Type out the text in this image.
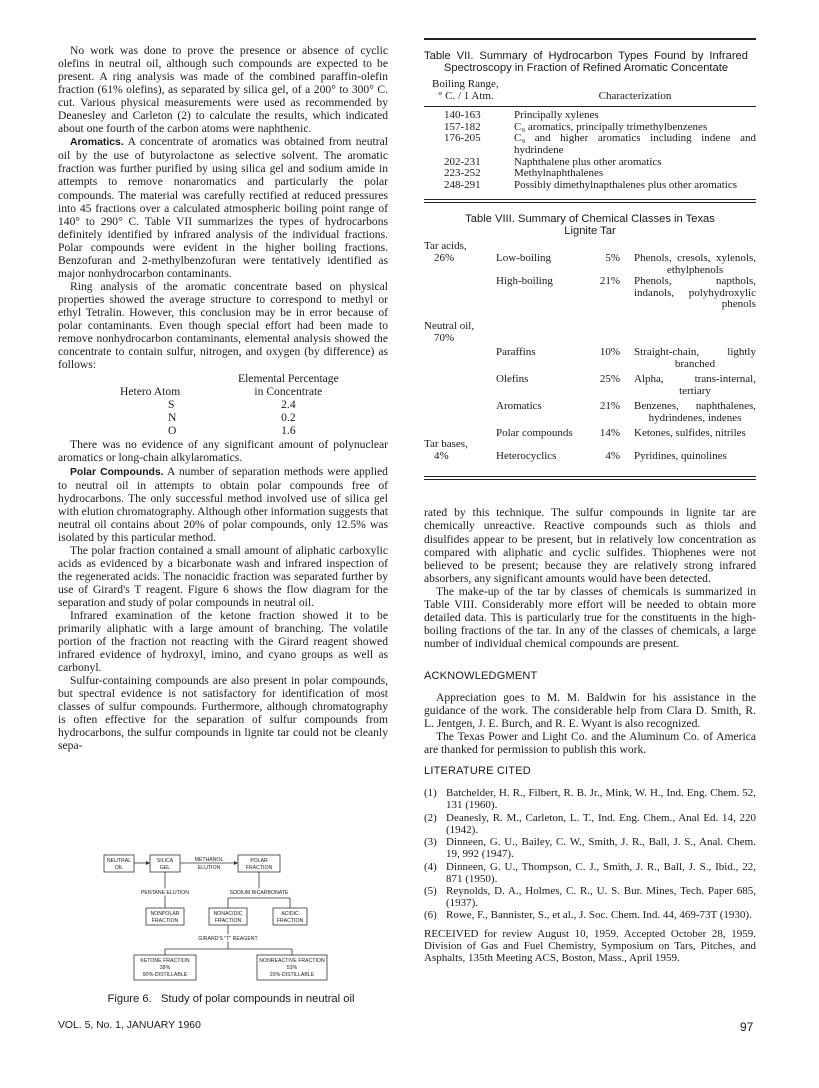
No work was done to prove the presence or absence of cyclic olefins in neutral oil, although such compounds are expected to be present. A ring analysis was made of the combined paraffin-olefin fraction (61% olefins), as separated by silica gel, of a 200° to 300° C. cut. Various physical measurements were used as recommended by Deanesley and Carleton (2) to calculate the results, which indicated about one fourth of the carbon atoms were naphthenic.

Aromatics. A concentrate of aromatics was obtained from neutral oil by the use of butyrolactone as selective solvent. The aromatic fraction was further purified by using silica gel and sodium amide in attempts to remove nonaromatics and particularly the polar compounds. The material was carefully rectified at reduced pressures into 45 fractions over a calculated atmospheric boiling point range of 140° to 290° C. Table VII summarizes the types of hydrocarbons definitely identified by infrared analysis of the individual fractions. Polar compounds were evident in the higher boiling fractions. Benzofuran and 2-methylbenzofuran were tentatively identified as major nonhydrocarbon contaminants.

Ring analysis of the aromatic concentrate based on physical properties showed the average structure to correspond to methyl or ethyl Tetralin. However, this conclusion may be in error because of polar contaminants. Even though special effort had been made to remove nonhydrocarbon contaminants, elemental analysis showed the concentrate to contain sulfur, nitrogen, and oxygen (by difference) as follows:

Hetero Atom	Elemental Percentage
in Concentrate

S	2.4
N	0.2
O	1.6

There was no evidence of any significant amount of polynuclear aromatics or long-chain alkylaromatics.

Polar Compounds. A number of separation methods were applied to neutral oil in attempts to obtain polar compounds free of hydrocarbons. The only successful method involved use of silica gel with elution chromatography. Although other information suggests that neutral oil contains about 20% of polar compounds, only 12.5% was isolated by this particular method.

The polar fraction contained a small amount of aliphatic carboxylic acids as evidenced by a bicarbonate wash and infrared inspection of the regenerated acids. The nonacidic fraction was separated further by use of Girard's T reagent. Figure 6 shows the flow diagram for the separation and study of polar compounds in neutral oil.

Infrared examination of the ketone fraction showed it to be primarily aliphatic with a large amount of branching. The volatile portion of the fraction not reacting with the Girard reagent showed infrared evidence of hydroxyl, imino, and cyano groups as well as carbonyl.

Sulfur-containing compounds are also present in polar compounds, but spectral evidence is not satisfactory for identification of most classes of sulfur compounds. Furthermore, although chromatography is often effective for the separation of sulfur compounds from hydrocarbons, the sulfur compounds in lignite tar could not be cleanly sepa-

NEUTRAL
OIL
SILICA
GEL
METHANOL
ELUTION
POLAR
FRACTION
PENTANE ELUTION	SODIUM BICARBONATE
NONPOLAR
FRACTION
NONACIDIC
FRACTION
ACIDIC
FRACTION
GIRARD'S "T" REAGENT
KETONE FRACTION
38%
90%-DISTILLABLE
NONREACTIVE FRACTION
53%
20%-DISTILLABLE
Figure 6.   Study of polar compounds in neutral oil
Table VII. Summary of Hydrocarbon Types Found by Infrared Spectroscopy in Fraction of Refined Aromatic Concentate
Boiling Range,
° C. / 1 Atm.	Characterization

140-163	Principally xylenes
157-182	C₉ aromatics, principally trimethylbenzenes
176-205	C₉ and higher aromatics including indene and hydrindene
202-231	Naphthalene plus other aromatics
223-252	Methylnaphthalenes
248-291	Possibly dimethylnapthalenes plus other aromatics

Table VIII. Summary of Chemical Classes in Texas Lignite Tar
Tar acids,			
26%	Low-boiling	5%	Phenols, cresols, xylenols, ethylphenols
	High-boiling	21%	Phenols, napthols, indanols, polyhydroxylic phenols

Neutral oil,			
70%			

	Paraffins	10%	Straight-chain, lightly branched

	Olefins	25%	Alpha, trans-internal, tertiary

	Aromatics	21%	Benzenes, naphthalenes, hydrindenes, indenes

	Polar compounds	14%	Ketones, sulfides, nitriles
Tar bases,			
4%	Heterocyclics	4%	Pyridines, quinolines

rated by this technique. The sulfur compounds in lignite tar are chemically unreactive. Reactive compounds such as thiols and disulfides appear to be present, but in relatively low concentration as compared with aliphatic and cyclic sulfides. Thiophenes were not believed to be present; because they are relatively strong infrared absorbers, any significant amounts would have been detected.

The make-up of the tar by classes of chemicals is summarized in Table VIII. Considerably more effort will be needed to obtain more detailed data. This is particularly true for the constituents in the high-boiling fractions of the tar. In any of the classes of chemicals, a large number of individual chemical compounds are present.

ACKNOWLEDGMENT

Appreciation goes to M. M. Baldwin for his assistance in the guidance of the work. The considerable help from Clara D. Smith, R. L. Jentgen, J. E. Burch, and R. E. Wyant is also recognized.

The Texas Power and Light Co. and the Aluminum Co. of America are thanked for permission to publish this work.

LITERATURE CITED
(1)	Batchelder, H. R., Filbert, R. B. Jr., Mink, W. H., Ind. Eng. Chem. 52, 131 (1960).
(2)	Deanesly, R. M., Carleton, L. T., Ind. Eng. Chem., Anal Ed. 14, 220 (1942).
(3)	Dinneen, G. U., Bailey, C. W., Smith, J. R., Ball, J. S., Anal. Chem. 19, 992 (1947).
(4)	Dinneen, G. U., Thompson, C. J., Smith, J. R., Ball, J. S., Ibid., 22, 871 (1950).
(5)	Reynolds, D. A., Holmes, C. R., U. S. Bur. Mines, Tech. Paper 685, (1937).
(6)	Rowe, F., Bannister, S., et al., J. Soc. Chem. Ind. 44, 469-73T (1930).

RECEIVED for review August 10, 1959. Accepted October 28, 1959. Division of Gas and Fuel Chemistry, Symposium on Tars, Pitches, and Asphalts, 135th Meeting ACS, Boston, Mass., April 1959.

VOL. 5, No. 1, JANUARY 1960	97
